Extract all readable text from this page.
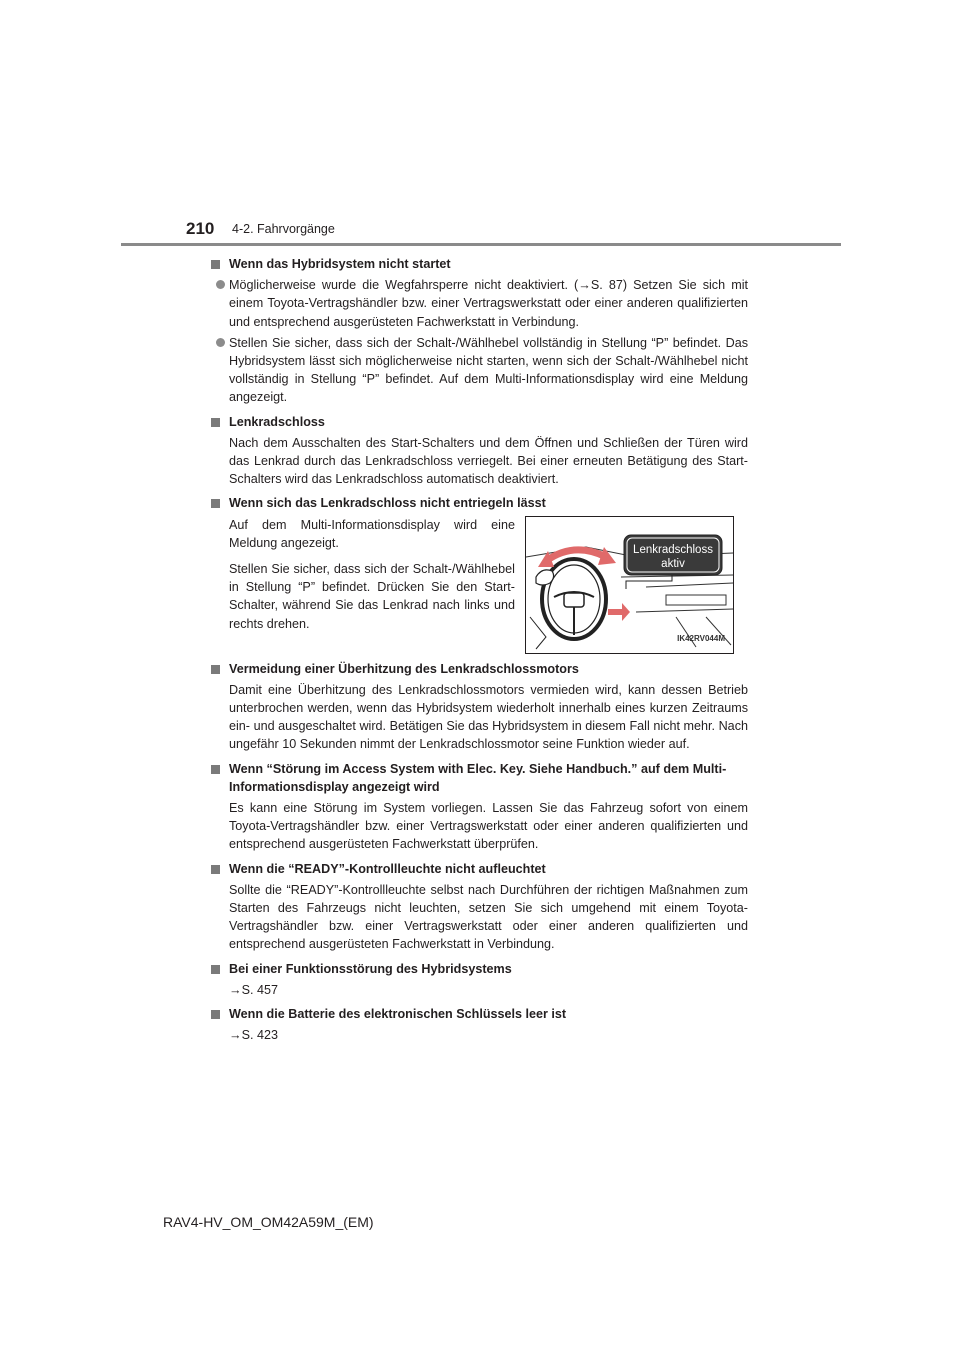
210 4-2. Fahrvorgänge

Wenn das Hybridsystem nicht startet

Möglicherweise wurde die Wegfahrsperre nicht deaktiviert. (→S. 87) Setzen Sie sich mit einem Toyota-Vertragshändler bzw. einer Vertragswerkstatt oder einer anderen qualifizierten und entsprechend ausgerüsteten Fachwerkstatt in Verbindung.

Stellen Sie sicher, dass sich der Schalt-/Wählhebel vollständig in Stellung “P” befindet. Das Hybridsystem lässt sich möglicherweise nicht starten, wenn sich der Schalt-/Wählhebel nicht vollständig in Stellung “P” befindet. Auf dem Multi-Informationsdisplay wird eine Meldung angezeigt.

Lenkradschloss

Nach dem Ausschalten des Start-Schalters und dem Öffnen und Schließen der Türen wird das Lenkrad durch das Lenkradschloss verriegelt. Bei einer erneuten Betätigung des Start-Schalters wird das Lenkradschloss automatisch deaktiviert.

Wenn sich das Lenkradschloss nicht entriegeln lässt

Auf dem Multi-Informationsdisplay wird eine Meldung angezeigt.

Stellen Sie sicher, dass sich der Schalt-/Wählhebel in Stellung “P” befindet. Drücken Sie den Start-Schalter, während Sie das Lenkrad nach links und rechts drehen.

Lenkradschloss
aktiv
IK42RV044M

Vermeidung einer Überhitzung des Lenkradschlossmotors

Damit eine Überhitzung des Lenkradschlossmotors vermieden wird, kann dessen Betrieb unterbrochen werden, wenn das Hybridsystem wiederholt innerhalb eines kurzen Zeitraums ein- und ausgeschaltet wird. Betätigen Sie das Hybridsystem in diesem Fall nicht mehr. Nach ungefähr 10 Sekunden nimmt der Lenkradschlossmotor seine Funktion wieder auf.

Wenn “Störung im Access System with Elec. Key. Siehe Handbuch.” auf dem Multi-Informationsdisplay angezeigt wird

Es kann eine Störung im System vorliegen. Lassen Sie das Fahrzeug sofort von einem Toyota-Vertragshändler bzw. einer Vertragswerkstatt oder einer anderen qualifizierten und entsprechend ausgerüsteten Fachwerkstatt überprüfen.

Wenn die “READY”-Kontrollleuchte nicht aufleuchtet

Sollte die “READY”-Kontrollleuchte selbst nach Durchführen der richtigen Maßnahmen zum Starten des Fahrzeugs nicht leuchten, setzen Sie sich umgehend mit einem Toyota-Vertragshändler bzw. einer Vertragswerkstatt oder einer anderen qualifizierten und entsprechend ausgerüsteten Fachwerkstatt in Verbindung.

Bei einer Funktionsstörung des Hybridsystems

→S. 457

Wenn die Batterie des elektronischen Schlüssels leer ist

→S. 423

RAV4-HV_OM_OM42A59M_(EM)
